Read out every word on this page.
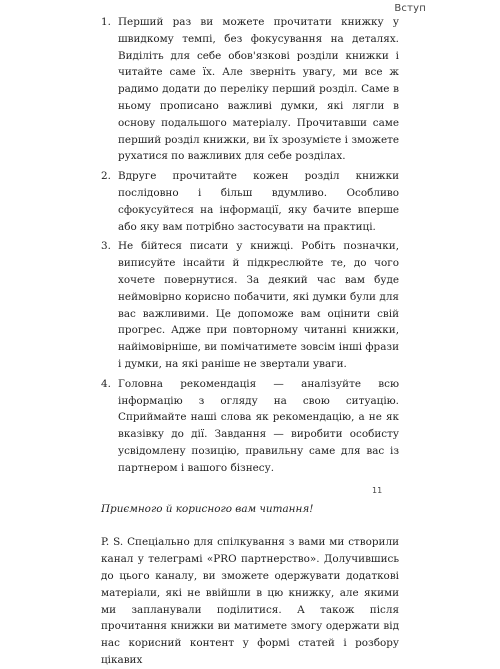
Вступ
1. Перший раз ви можете прочитати книжку у швидкому темпі, без фокусування на деталях. Виділіть для себе обов'язкові розділи книжки і читайте саме їх. Але зверніть увагу, ми все ж радимо додати до переліку перший розділ. Саме в ньому прописано важливі думки, які лягли в основу подальшого матеріалу. Прочитавши саме перший розділ книжки, ви їх зрозумієте і зможете рухатися по важливих для себе розділах.
2. Вдруге прочитайте кожен розділ книжки послідовно і більш вдумливо. Особливо сфокусуйтеся на інформації, яку бачите вперше або яку вам потрібно застосувати на практиці.
3. Не бійтеся писати у книжці. Робіть позначки, виписуйте інсайти й підкреслюйте те, до чого хочете повернутися. За деякий час вам буде неймовірно корисно побачити, які думки були для вас важливими. Це допоможе вам оцінити свій прогрес. Адже при повторному читанні книжки, найімовірніше, ви помічатимете зовсім інші фрази і думки, на які раніше не звертали уваги.
4. Головна рекомендація — аналізуйте всю інформацію з огляду на свою ситуацію. Сприймайте наші слова як рекомендацію, а не як вказівку до дії. Завдання — виробити особисту усвідомлену позицію, правильну саме для вас із партнером і вашого бізнесу.

Приємного й корисного вам читання!

P. S. Спеціально для спілкування з вами ми створили канал у телеграмі «PRO партнерство». Долучившись до цього каналу, ви зможете одержувати додаткові матеріали, які не ввійшли в цю книжку, але якими ми запланували поділитися. А також після прочитання книжки ви матимете змогу одержати від нас корисний контент у формі статей і розбору цікавих

11
